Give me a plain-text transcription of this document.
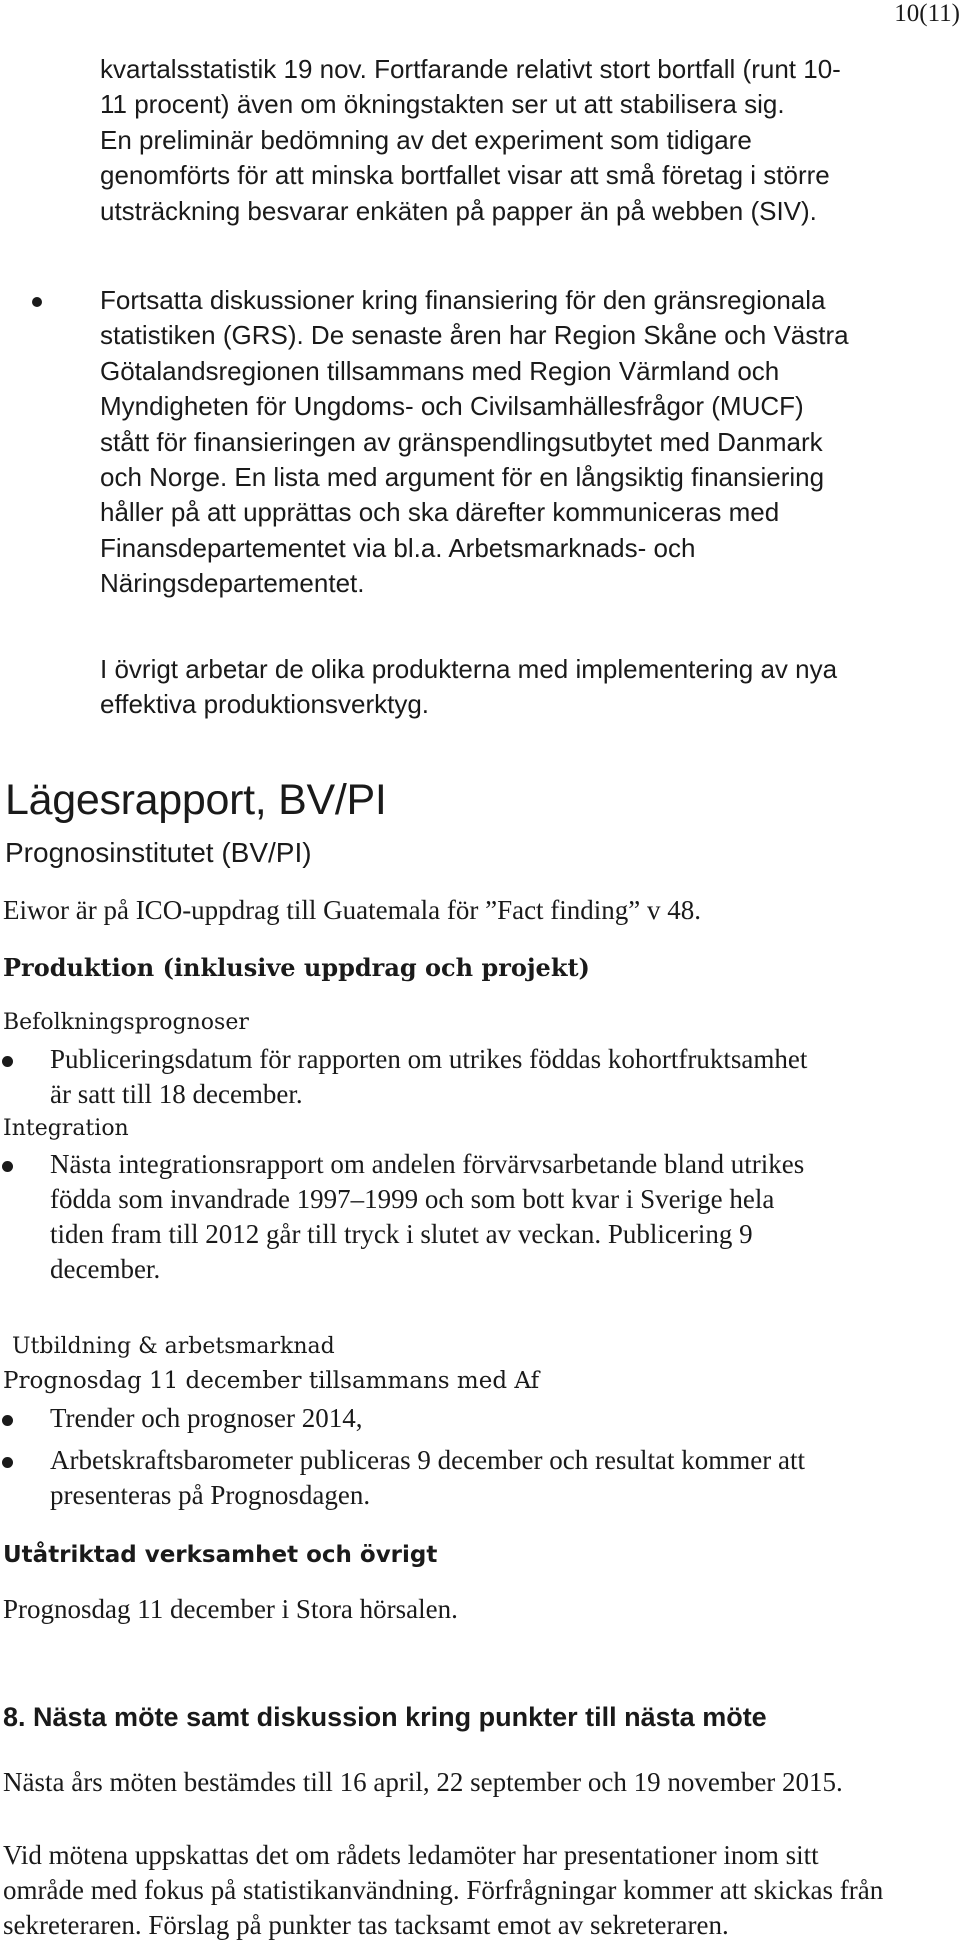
10(11)
kvartalsstatistik 19 nov. Fortfarande relativt stort bortfall (runt 10-
11 procent) även om ökningstakten ser ut att stabilisera sig.
En preliminär bedömning av det experiment som tidigare
genomförts för att minska bortfallet visar att små företag i större
utsträckning besvarar enkäten på papper än på webben (SIV).
Fortsatta diskussioner kring finansiering för den gränsregionala
statistiken (GRS). De senaste åren har Region Skåne och Västra
Götalandsregionen tillsammans med Region Värmland och
Myndigheten för Ungdoms- och Civilsamhällesfrågor (MUCF)
stått för finansieringen av gränspendlingsutbytet med Danmark
och Norge. En lista med argument för en långsiktig finansiering
håller på att upprättas och ska därefter kommuniceras med
Finansdepartementet via bl.a. Arbetsmarknads- och
Näringsdepartementet.
I övrigt arbetar de olika produkterna med implementering av nya
effektiva produktionsverktyg.
Lägesrapport, BV/PI
Prognosinstitutet (BV/PI)
Eiwor är på ICO-uppdrag till Guatemala för ”Fact finding” v 48.
Produktion (inklusive uppdrag och projekt)
Befolkningsprognoser
Publiceringsdatum för rapporten om utrikes föddas kohortfruktsamhet
är satt till 18 december.
Integration
Nästa integrationsrapport om andelen förvärvsarbetande bland utrikes
födda som invandrade 1997–1999 och som bott kvar i Sverige hela
tiden fram till 2012 går till tryck i slutet av veckan. Publicering 9
december.
Utbildning & arbetsmarknad
Prognosdag 11 december tillsammans med Af
Trender och prognoser 2014,
Arbetskraftsbarometer publiceras 9 december och resultat kommer att
presenteras på Prognosdagen.
Utåtriktad verksamhet och övrigt
Prognosdag 11 december i Stora hörsalen.
8. Nästa möte samt diskussion kring punkter till nästa möte
Nästa års möten bestämdes till 16 april, 22 september och 19 november 2015.
Vid mötena uppskattas det om rådets ledamöter har presentationer inom sitt
område med fokus på statistikanvändning. Förfrågningar kommer att skickas från
sekreteraren. Förslag på punkter tas tacksamt emot av sekreteraren.
